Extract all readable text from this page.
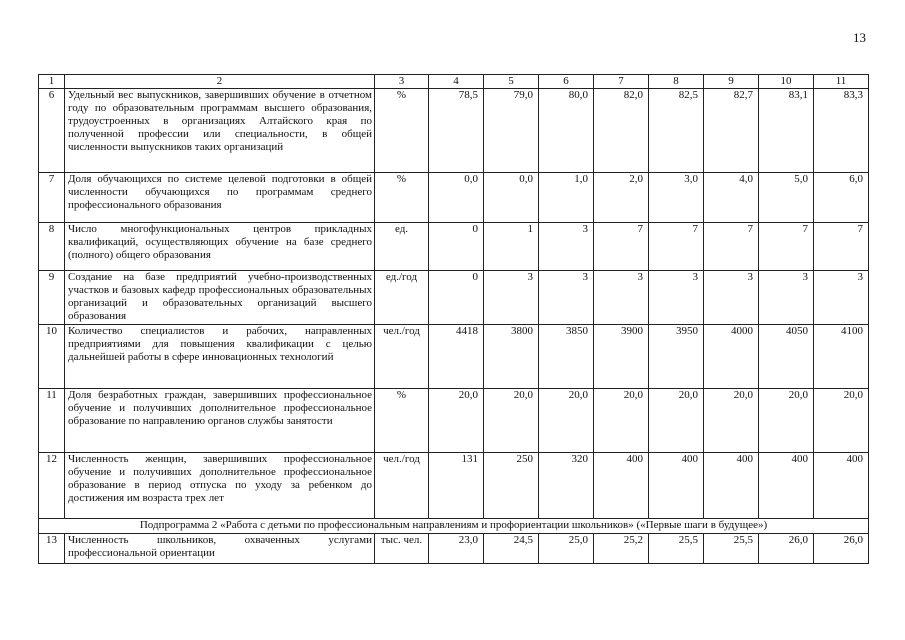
13
1	2	3	4	5	6	7	8	9	10	11
6	Удельный вес выпускников, завершивших обучение в отчетном году по образовательным программам высшего образования, трудоустроенных в организациях Алтайского края по полученной профессии или специальности, в общей численности выпускников таких организаций	%	78,5	79,0	80,0	82,0	82,5	82,7	83,1	83,3
7	Доля обучающихся по системе целевой подготовки в общей численности обучающихся по программам среднего профессионального образования	%	0,0	0,0	1,0	2,0	3,0	4,0	5,0	6,0
8	Число многофункциональных центров прикладных квалификаций, осуществляющих обучение на базе среднего (полного) общего образования	ед.	0	1	3	7	7	7	7	7
9	Создание на базе предприятий учебно-производственных участков и базовых кафедр профессиональных образовательных организаций и образовательных организаций высшего образования	ед./год	0	3	3	3	3	3	3	3
10	Количество специалистов и рабочих, направленных предприятиями для повышения квалификации с целью дальнейшей работы в сфере инновационных технологий	чел./год	4418	3800	3850	3900	3950	4000	4050	4100
11	Доля безработных граждан, завершивших профессиональное обучение и получивших дополнительное профессиональное образование по направлению органов службы занятости	%	20,0	20,0	20,0	20,0	20,0	20,0	20,0	20,0
12	Численность женщин, завершивших профессиональное обучение и получивших дополнительное профессиональное образование в период отпуска по уходу за ребенком до достижения им возраста трех лет	чел./год	131	250	320	400	400	400	400	400
Подпрограмма 2 «Работа с детьми по профессиональным направлениям и профориентации школьников» («Первые шаги в будущее»)										
13	Численность школьников, охваченных услугами профессиональной ориентации	тыс. чел.	23,0	24,5	25,0	25,2	25,5	25,5	26,0	26,0
